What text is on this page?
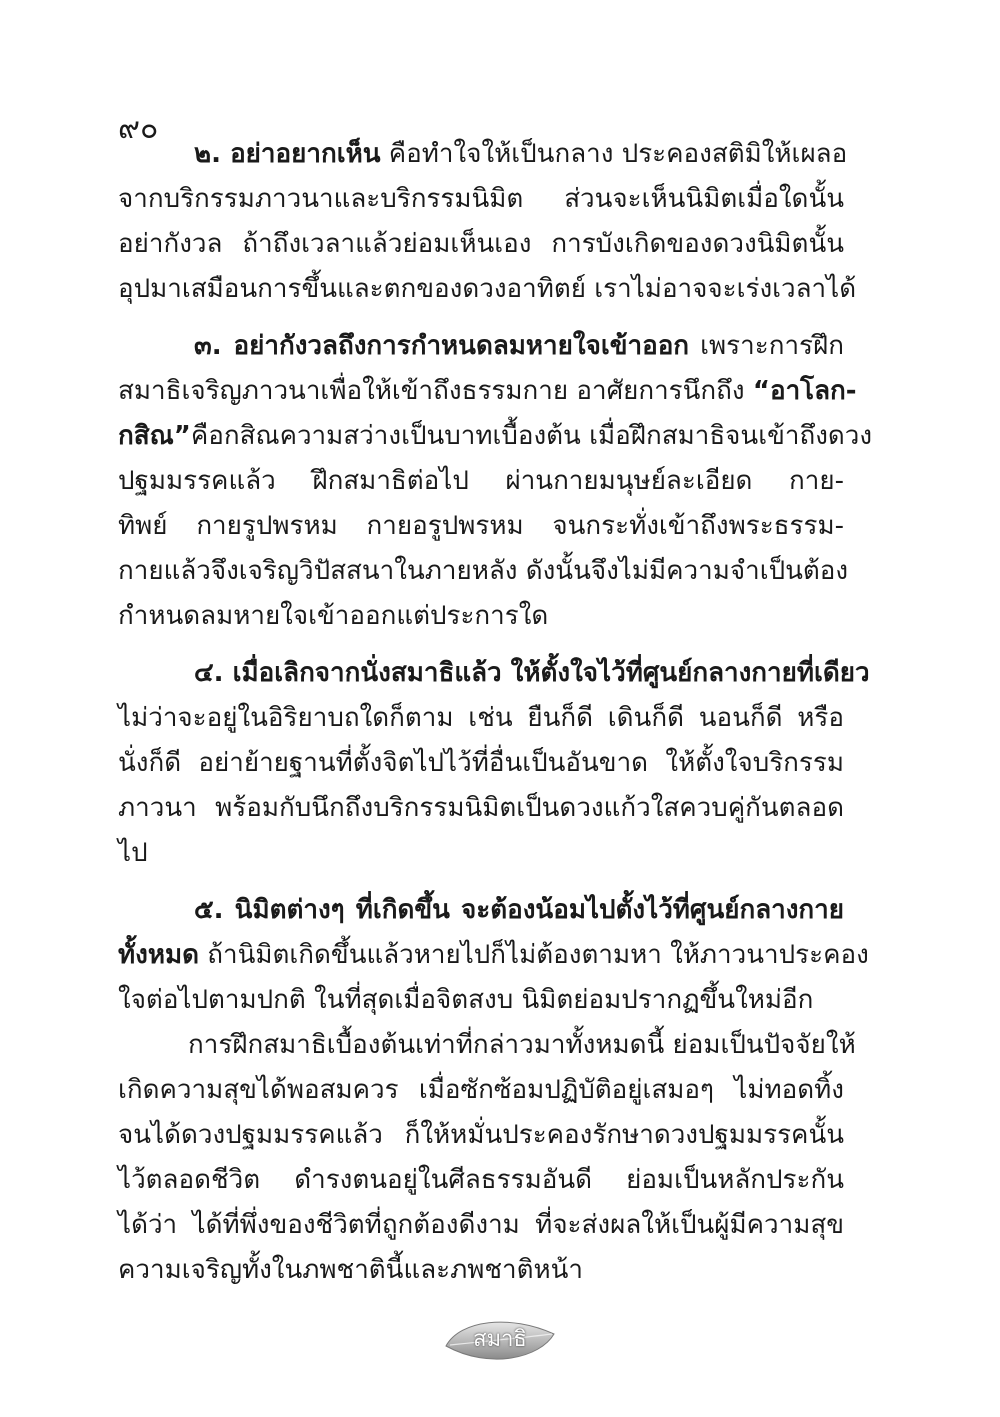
๙๐
๒. อย่าอยากเห็น คือทำใจให้เป็นกลาง ประคองสติมิให้เผลอ
จากบริกรรมภาวนาและบริกรรมนิมิต ส่วนจะเห็นนิมิตเมื่อใดนั้น
อย่ากังวล ถ้าถึงเวลาแล้วย่อมเห็นเอง การบังเกิดของดวงนิมิตนั้น
อุปมาเสมือนการขึ้นและตกของดวงอาทิตย์ เราไม่อาจจะเร่งเวลาได้
๓. อย่ากังวลถึงการกำหนดลมหายใจเข้าออก เพราะการฝึก
สมาธิเจริญภาวนาเพื่อให้เข้าถึงธรรมกาย อาศัยการนึกถึง “อาโลก-
กสิณ”คือกสิณความสว่างเป็นบาทเบื้องต้น เมื่อฝึกสมาธิจนเข้าถึงดวง
ปฐมมรรคแล้ว ฝึกสมาธิต่อไป ผ่านกายมนุษย์ละเอียด กาย-
ทิพย์ กายรูปพรหม กายอรูปพรหม จนกระทั่งเข้าถึงพระธรรม-
กายแล้วจึงเจริญวิปัสสนาในภายหลัง ดังนั้นจึงไม่มีความจำเป็นต้อง
กำหนดลมหายใจเข้าออกแต่ประการใด
๔. เมื่อเลิกจากนั่งสมาธิแล้ว ให้ตั้งใจไว้ที่ศูนย์กลางกายที่เดียว
ไม่ว่าจะอยู่ในอิริยาบถใดก็ตาม เช่น ยืนก็ดี เดินก็ดี นอนก็ดี หรือ
นั่งก็ดี อย่าย้ายฐานที่ตั้งจิตไปไว้ที่อื่นเป็นอันขาด ให้ตั้งใจบริกรรม
ภาวนา พร้อมกับนึกถึงบริกรรมนิมิตเป็นดวงแก้วใสควบคู่กันตลอด
ไป
๕. นิมิตต่างๆ ที่เกิดขึ้น จะต้องน้อมไปตั้งไว้ที่ศูนย์กลางกาย
ทั้งหมด ถ้านิมิตเกิดขึ้นแล้วหายไปก็ไม่ต้องตามหา ให้ภาวนาประคอง
ใจต่อไปตามปกติ ในที่สุดเมื่อจิตสงบ นิมิตย่อมปรากฏขึ้นใหม่อีก
การฝึกสมาธิเบื้องต้นเท่าที่กล่าวมาทั้งหมดนี้ ย่อมเป็นปัจจัยให้
เกิดความสุขได้พอสมควร เมื่อซักซ้อมปฏิบัติอยู่เสมอๆ ไม่ทอดทิ้ง
จนได้ดวงปฐมมรรคแล้ว ก็ให้หมั่นประคองรักษาดวงปฐมมรรคนั้น
ไว้ตลอดชีวิต ดำรงตนอยู่ในศีลธรรมอันดี ย่อมเป็นหลักประกัน
ได้ว่า ได้ที่พึ่งของชีวิตที่ถูกต้องดีงาม ที่จะส่งผลให้เป็นผู้มีความสุข
ความเจริญทั้งในภพชาตินี้และภพชาติหน้า
สมาธิ
